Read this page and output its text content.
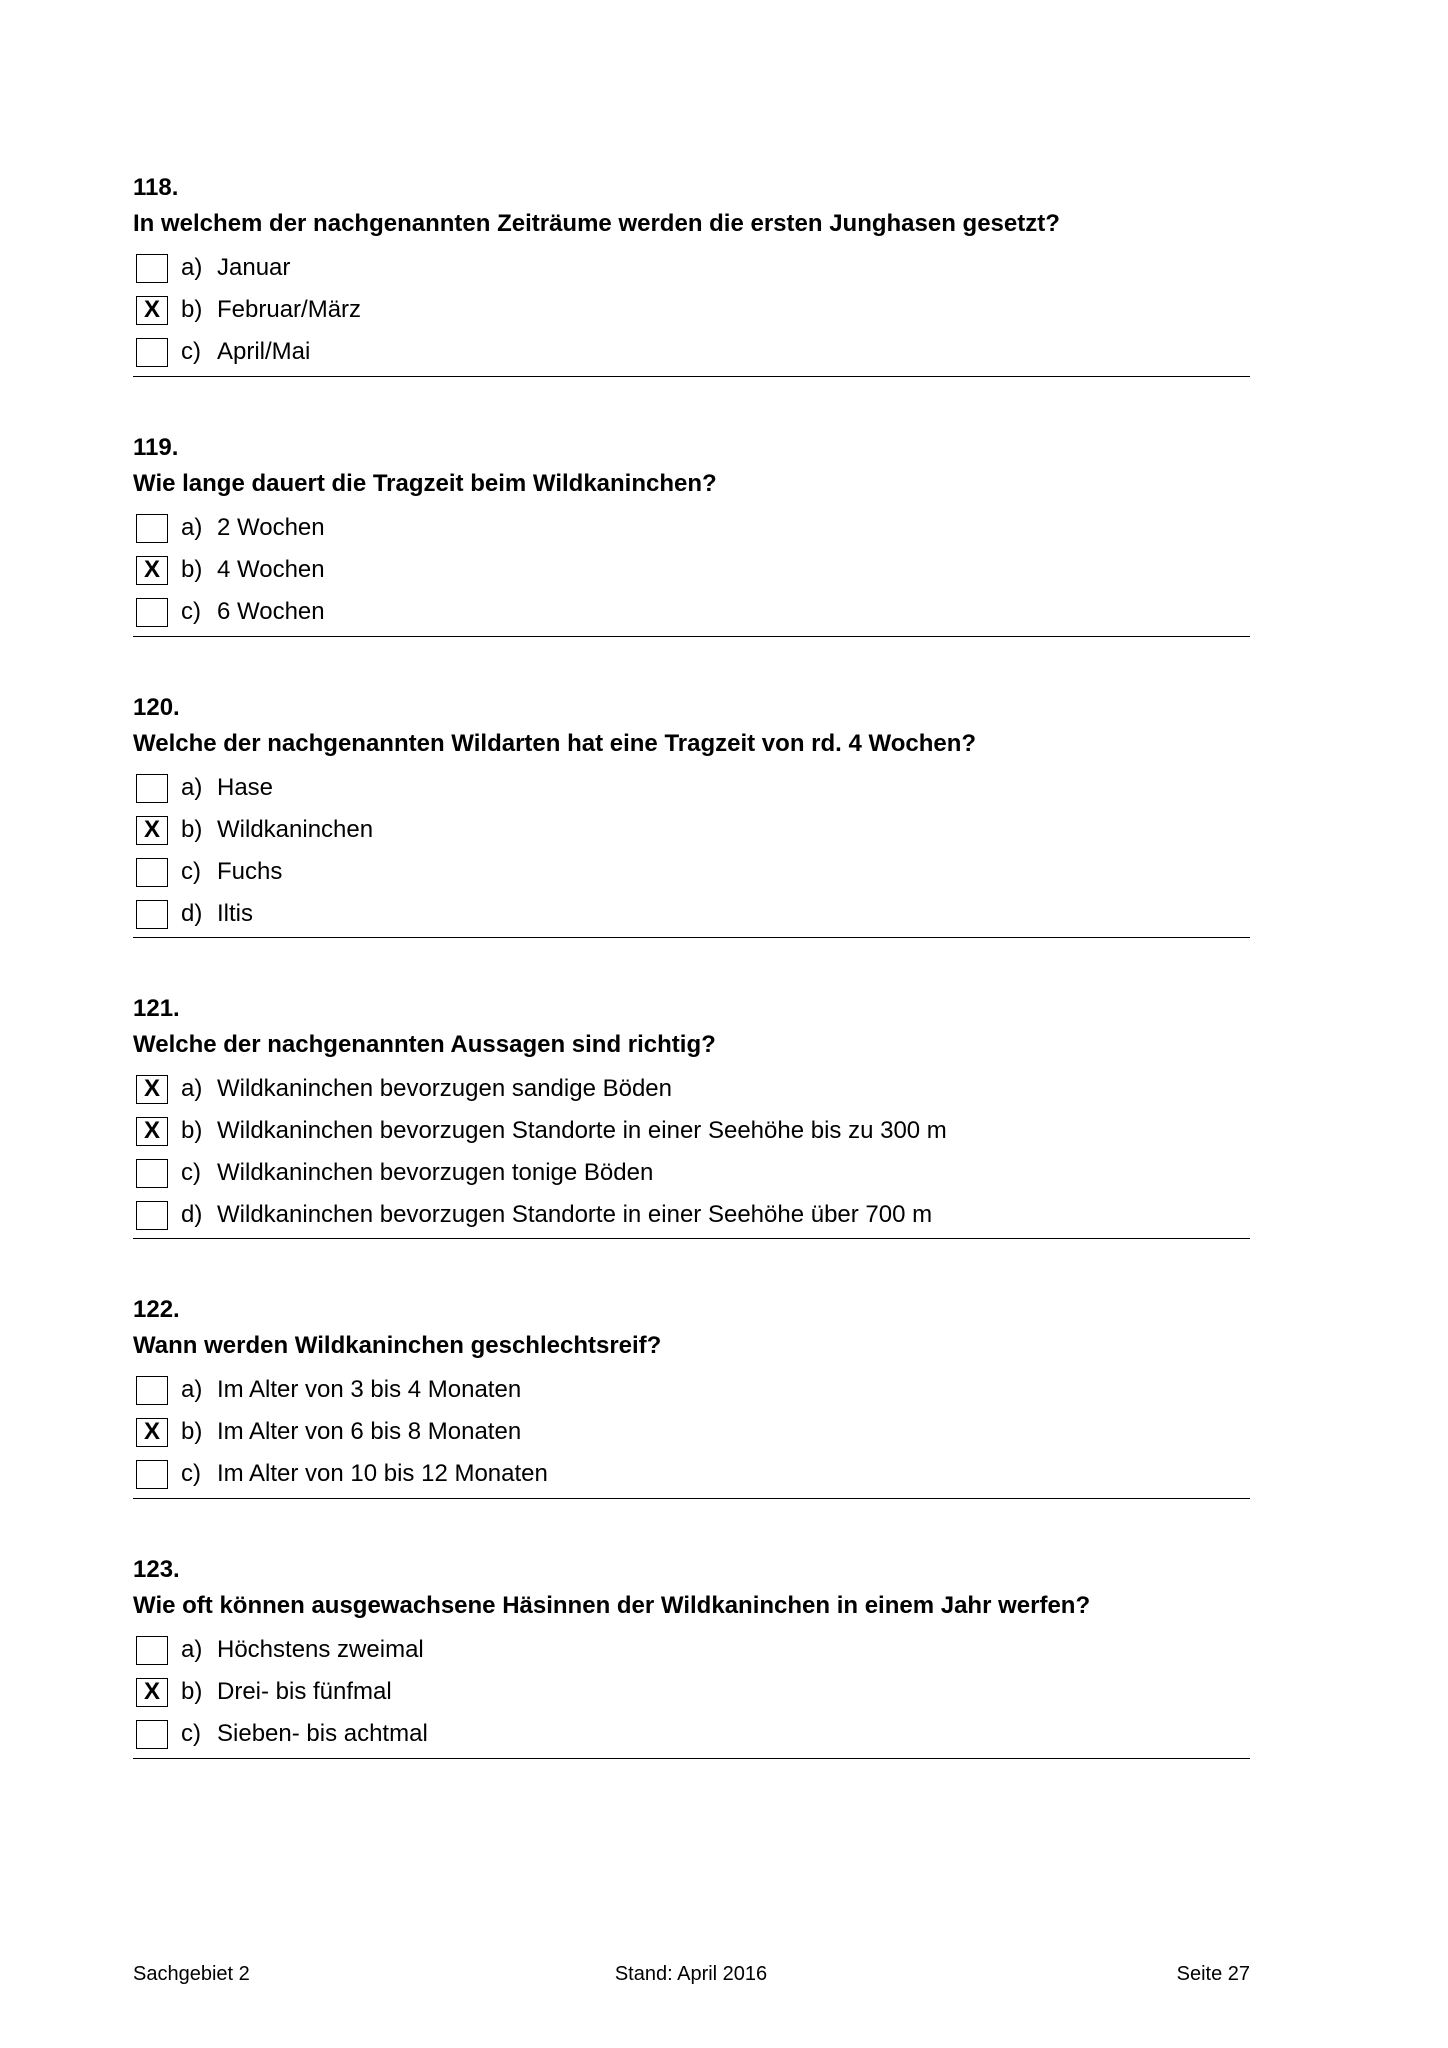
118.
In welchem der nachgenannten Zeiträume werden die ersten Junghasen gesetzt?
a) Januar
X b) Februar/März
c) April/Mai
119.
Wie lange dauert die Tragzeit beim Wildkaninchen?
a) 2 Wochen
X b) 4 Wochen
c) 6 Wochen
120.
Welche der nachgenannten Wildarten hat eine Tragzeit von rd. 4 Wochen?
a) Hase
X b) Wildkaninchen
c) Fuchs
d) Iltis
121.
Welche der nachgenannten Aussagen sind richtig?
X a) Wildkaninchen bevorzugen sandige Böden
X b) Wildkaninchen bevorzugen Standorte in einer Seehöhe bis zu 300 m
c) Wildkaninchen bevorzugen tonige Böden
d) Wildkaninchen bevorzugen Standorte in einer Seehöhe über 700 m
122.
Wann werden Wildkaninchen geschlechtsreif?
a) Im Alter von 3 bis 4 Monaten
X b) Im Alter von 6 bis 8 Monaten
c) Im Alter von 10 bis 12 Monaten
123.
Wie oft können ausgewachsene Häsinnen der Wildkaninchen in einem Jahr werfen?
a) Höchstens zweimal
X b) Drei- bis fünfmal
c) Sieben- bis achtmal
Sachgebiet 2	Stand: April 2016	Seite 27
